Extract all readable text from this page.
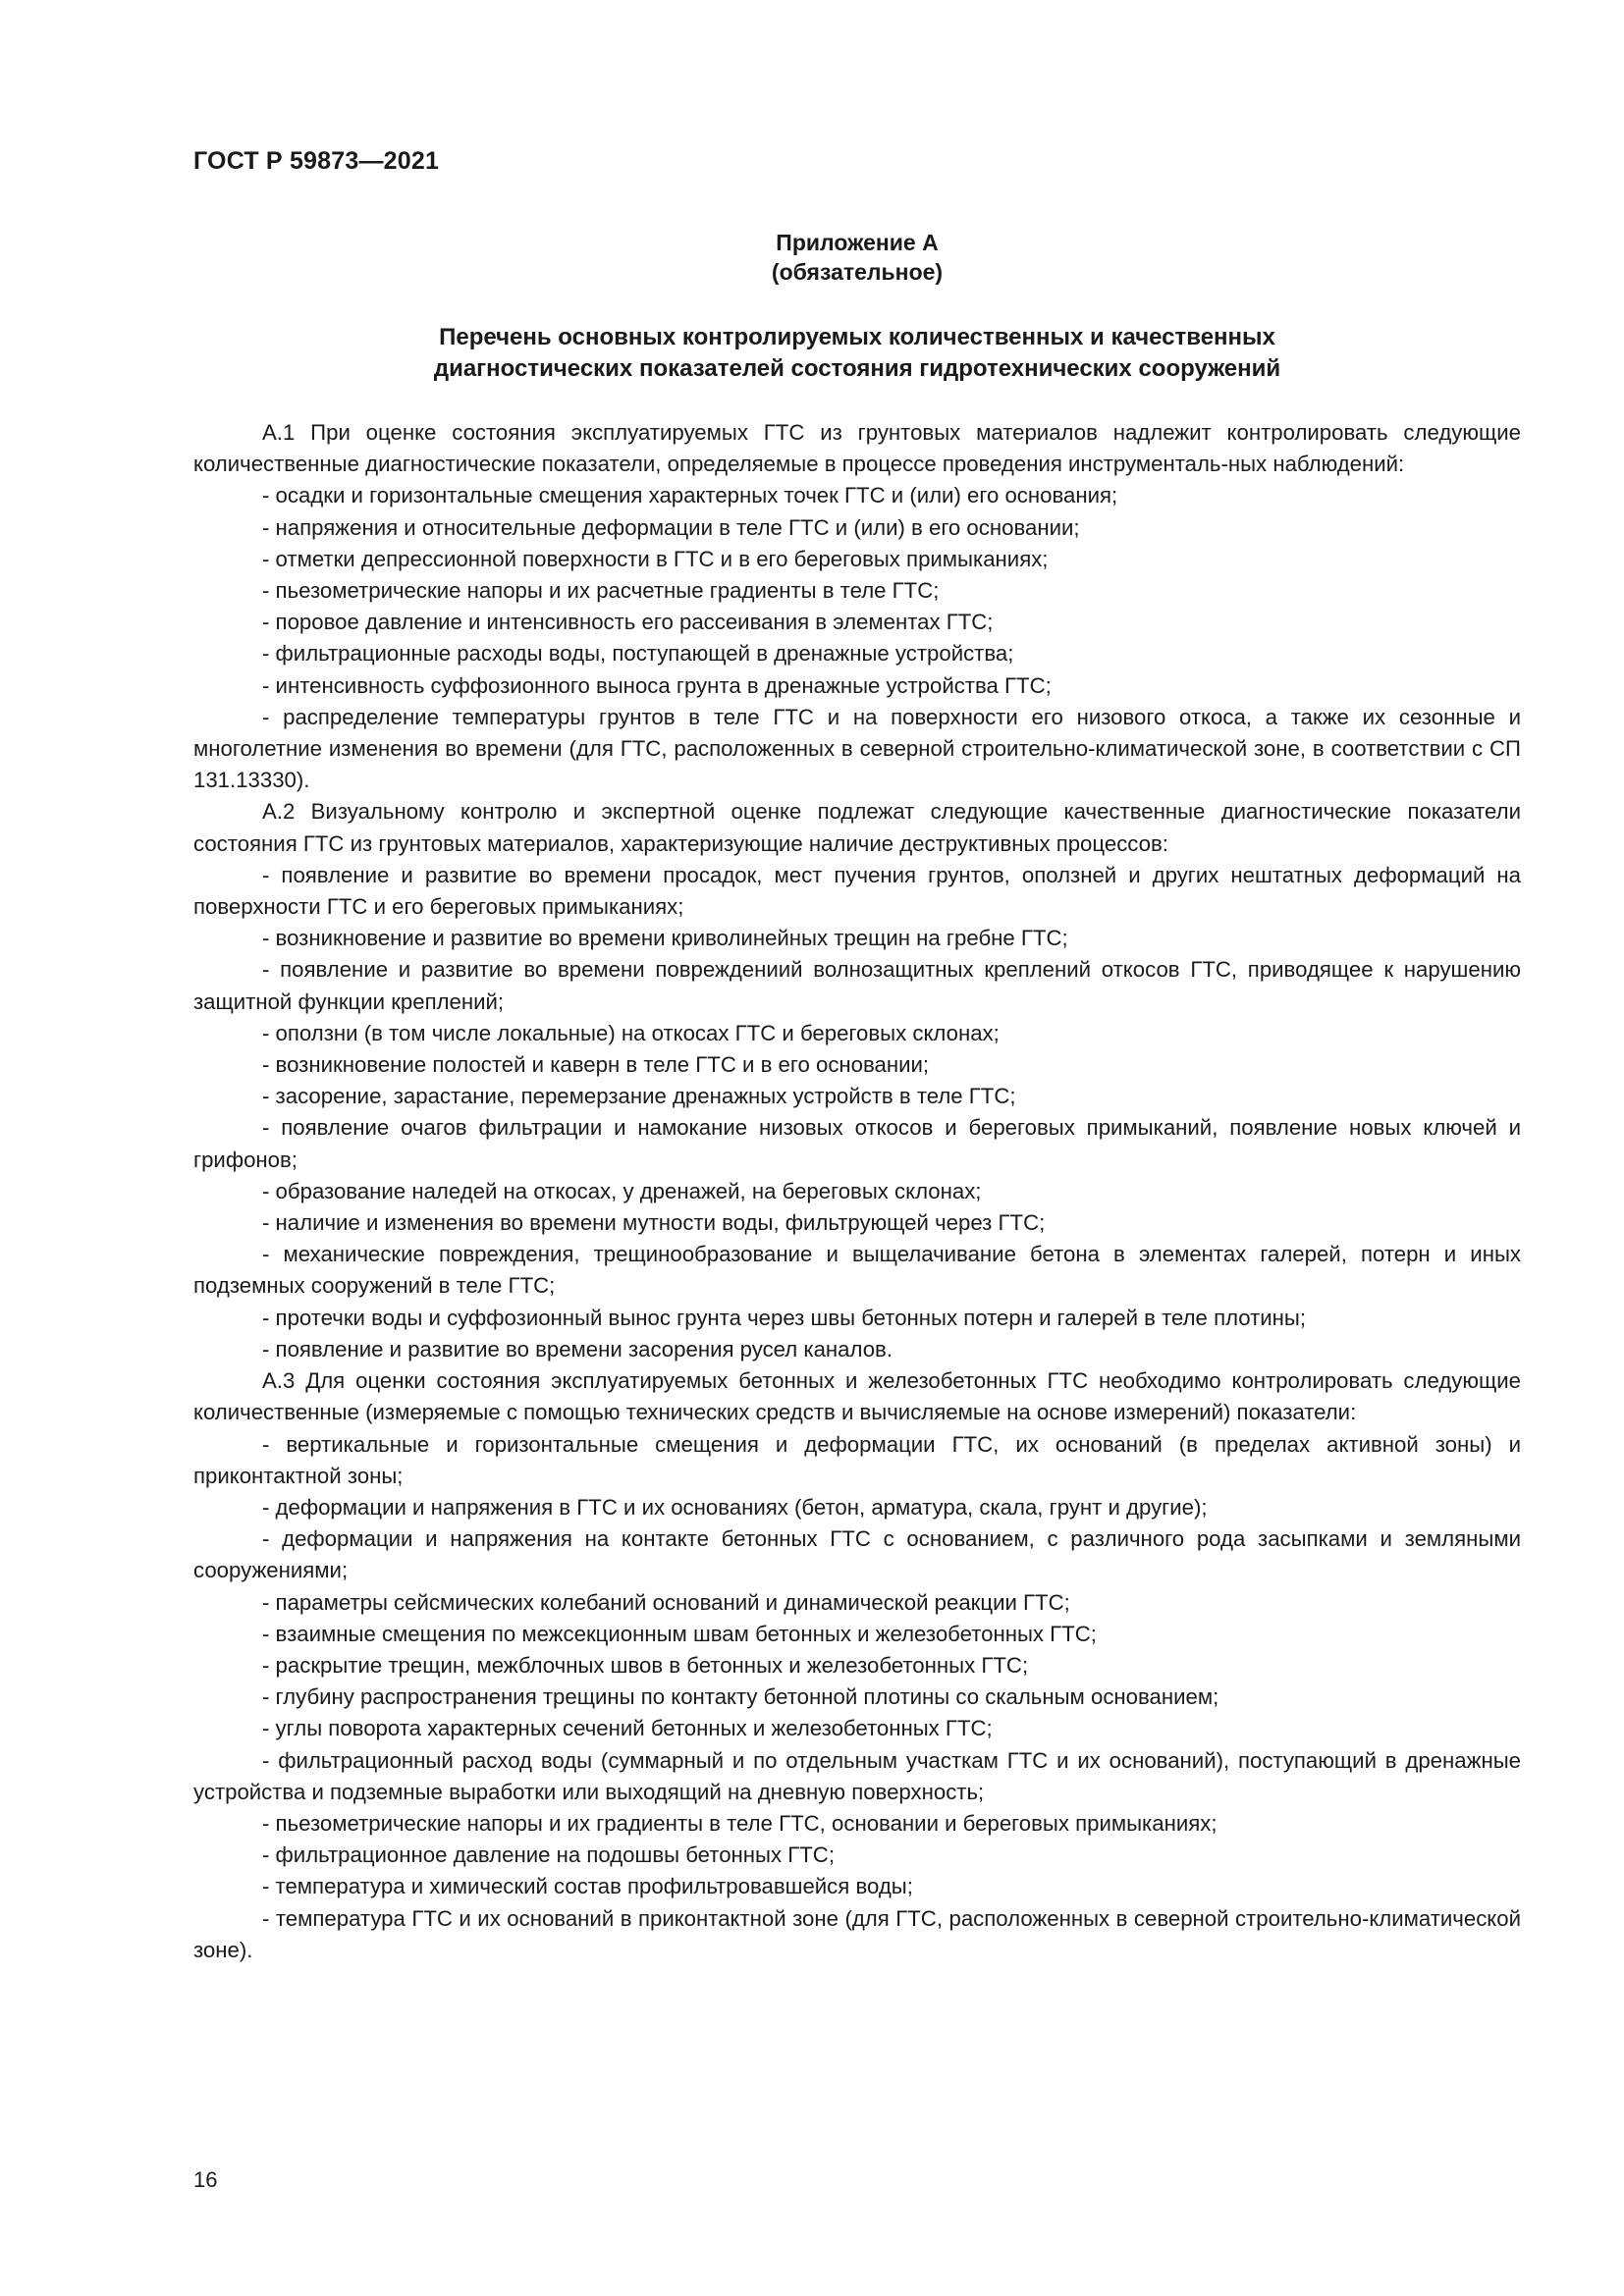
ГОСТ Р 59873—2021
Приложение А
(обязательное)
Перечень основных контролируемых количественных и качественных
диагностических показателей состояния гидротехнических сооружений

А.1 При оценке состояния эксплуатируемых ГТС из грунтовых материалов надлежит контролировать следующие количественные диагностические показатели, определяемые в процессе проведения инструменталь-ных наблюдений:

- осадки и горизонтальные смещения характерных точек ГТС и (или) его основания;

- напряжения и относительные деформации в теле ГТС и (или) в его основании;

- отметки депрессионной поверхности в ГТС и в его береговых примыканиях;

- пьезометрические напоры и их расчетные градиенты в теле ГТС;

- поровое давление и интенсивность его рассеивания в элементах ГТС;

- фильтрационные расходы воды, поступающей в дренажные устройства;

- интенсивность суффозионного выноса грунта в дренажные устройства ГТС;

- распределение температуры грунтов в теле ГТС и на поверхности его низового откоса, а также их сезонные и многолетние изменения во времени (для ГТС, расположенных в северной строительно-климатической зоне, в соответствии с СП 131.13330).

А.2 Визуальному контролю и экспертной оценке подлежат следующие качественные диагностические показатели состояния ГТС из грунтовых материалов, характеризующие наличие деструктивных процессов:

- появление и развитие во времени просадок, мест пучения грунтов, оползней и других нештатных деформаций на поверхности ГТС и его береговых примыканиях;

- возникновение и развитие во времени криволинейных трещин на гребне ГТС;

- появление и развитие во времени повреждениий волнозащитных креплений откосов ГТС, приводящее к нарушению защитной функции креплений;

- оползни (в том числе локальные) на откосах ГТС и береговых склонах;

- возникновение полостей и каверн в теле ГТС и в его основании;

- засорение, зарастание, перемерзание дренажных устройств в теле ГТС;

- появление очагов фильтрации и намокание низовых откосов и береговых примыканий, появление новых ключей и грифонов;

- образование наледей на откосах, у дренажей, на береговых склонах;

- наличие и изменения во времени мутности воды, фильтрующей через ГТС;

- механические повреждения, трещинообразование и выщелачивание бетона в элементах галерей, потерн и иных подземных сооружений в теле ГТС;

- протечки воды и суффозионный вынос грунта через швы бетонных потерн и галерей в теле плотины;

- появление и развитие во времени засорения русел каналов.

А.3 Для оценки состояния эксплуатируемых бетонных и железобетонных ГТС необходимо контролировать следующие количественные (измеряемые с помощью технических средств и вычисляемые на основе измерений) показатели:

- вертикальные и горизонтальные смещения и деформации ГТС, их оснований (в пределах активной зоны) и приконтактной зоны;

- деформации и напряжения в ГТС и их основаниях (бетон, арматура, скала, грунт и другие);

- деформации и напряжения на контакте бетонных ГТС с основанием, с различного рода засыпками и земляными сооружениями;

- параметры сейсмических колебаний оснований и динамической реакции ГТС;

- взаимные смещения по межсекционным швам бетонных и железобетонных ГТС;

- раскрытие трещин, межблочных швов в бетонных и железобетонных ГТС;

- глубину распространения трещины по контакту бетонной плотины со скальным основанием;

- углы поворота характерных сечений бетонных и железобетонных ГТС;

- фильтрационный расход воды (суммарный и по отдельным участкам ГТС и их оснований), поступающий в дренажные устройства и подземные выработки или выходящий на дневную поверхность;

- пьезометрические напоры и их градиенты в теле ГТС, основании и береговых примыканиях;

- фильтрационное давление на подошвы бетонных ГТС;

- температура и химический состав профильтровавшейся воды;

- температура ГТС и их оснований в приконтактной зоне (для ГТС, расположенных в северной строительно-климатической зоне).

16
